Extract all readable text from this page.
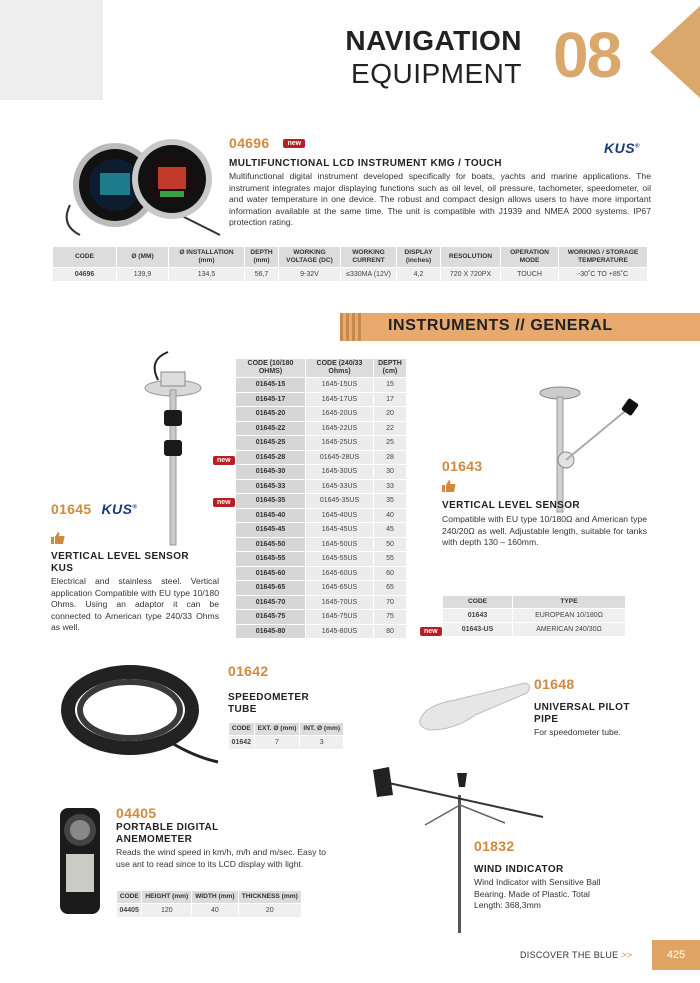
NAVIGATION
EQUIPMENT 08
04696	new	KUS®
MULTIFUNCTIONAL LCD INSTRUMENT KMG / TOUCH
Multifunctional digital instrument developed specifically for boats, yachts and marine applications. The instrument integrates major displaying functions such as oil level, oil pressure, tachometer, speedometer, oil and water temperature in one device. The robust and compact design allows users to have more important information available at the same time. The unit is compatible with J1939 and NMEA 2000 systems. IP67 protection rating.
CODE	Ø (MM)	Ø INSTALLATION (mm)	DEPTH (mm)	WORKING VOLTAGE (DC)	WORKING CURRENT	DISPLAY (inches)	RESOLUTION	OPERATION MODE	WORKING / STORAGE TEMPERATURE
04696	139,9	134,5	56,7	9-32V	≤330MA (12V)	4,2	720 X 720PX	TOUCH	-30˚C TO +85˚C
INSTRUMENTS // GENERAL
01645 KUS®
VERTICAL LEVEL SENSOR KUS
Electrical and stainless steel. Vertical application Compatible with EU type 10/180 Ohms. Using an adaptor it can be connected to American type 240/33 Ohms as well.
CODE (10/180 OHMS)	CODE (240/33 Ohms)	DEPTH (cm)
01645-15	1645-15US	15
01645-17	1645-17US	17
01645-20	1645-20US	20
01645-22	1645-22US	22
01645-25	1645-25US	25
01645-28	01645-28US	28
01645-30	1645-30US	30
01645-33	1645-33US	33
01645-35	01645-35US	35
01645-40	1645-40US	40
01645-45	1645-45US	45
01645-50	1645-50US	50
01645-55	1645-55US	55
01645-60	1645-60US	60
01645-65	1645-65US	65
01645-70	1645-70US	70
01645-75	1645-75US	75
01645-80	1645-80US	80
new
new
01643
VERTICAL LEVEL SENSOR
Compatible with EU type 10/180Ω and American type 240/20Ω as well. Adjustable length, suitable for tanks with depth 130 – 160mm.
CODE	TYPE
01643	EUROPEAN 10/180Ω
01643-US	AMERICAN 240/30Ω
new
01642
SPEEDOMETER TUBE
CODE	EXT. Ø (mm)	INT. Ø (mm)
01642	7	3
01648
UNIVERSAL PILOT PIPE
For speedometer tube.
04405
PORTABLE DIGITAL ANEMOMETER
Reads the wind speed in km/h, m/h and m/sec. Easy to use ant to read since to its LCD display with light.
CODE	HEIGHT (mm)	WIDTH (mm)	THICKNESS (mm)
04405	120	40	20
01832
WIND INDICATOR
Wind Indicator with Sensitive Ball Bearing. Made of Plastic. Total Length: 368,3mm
DISCOVER THE BLUE >>	425
